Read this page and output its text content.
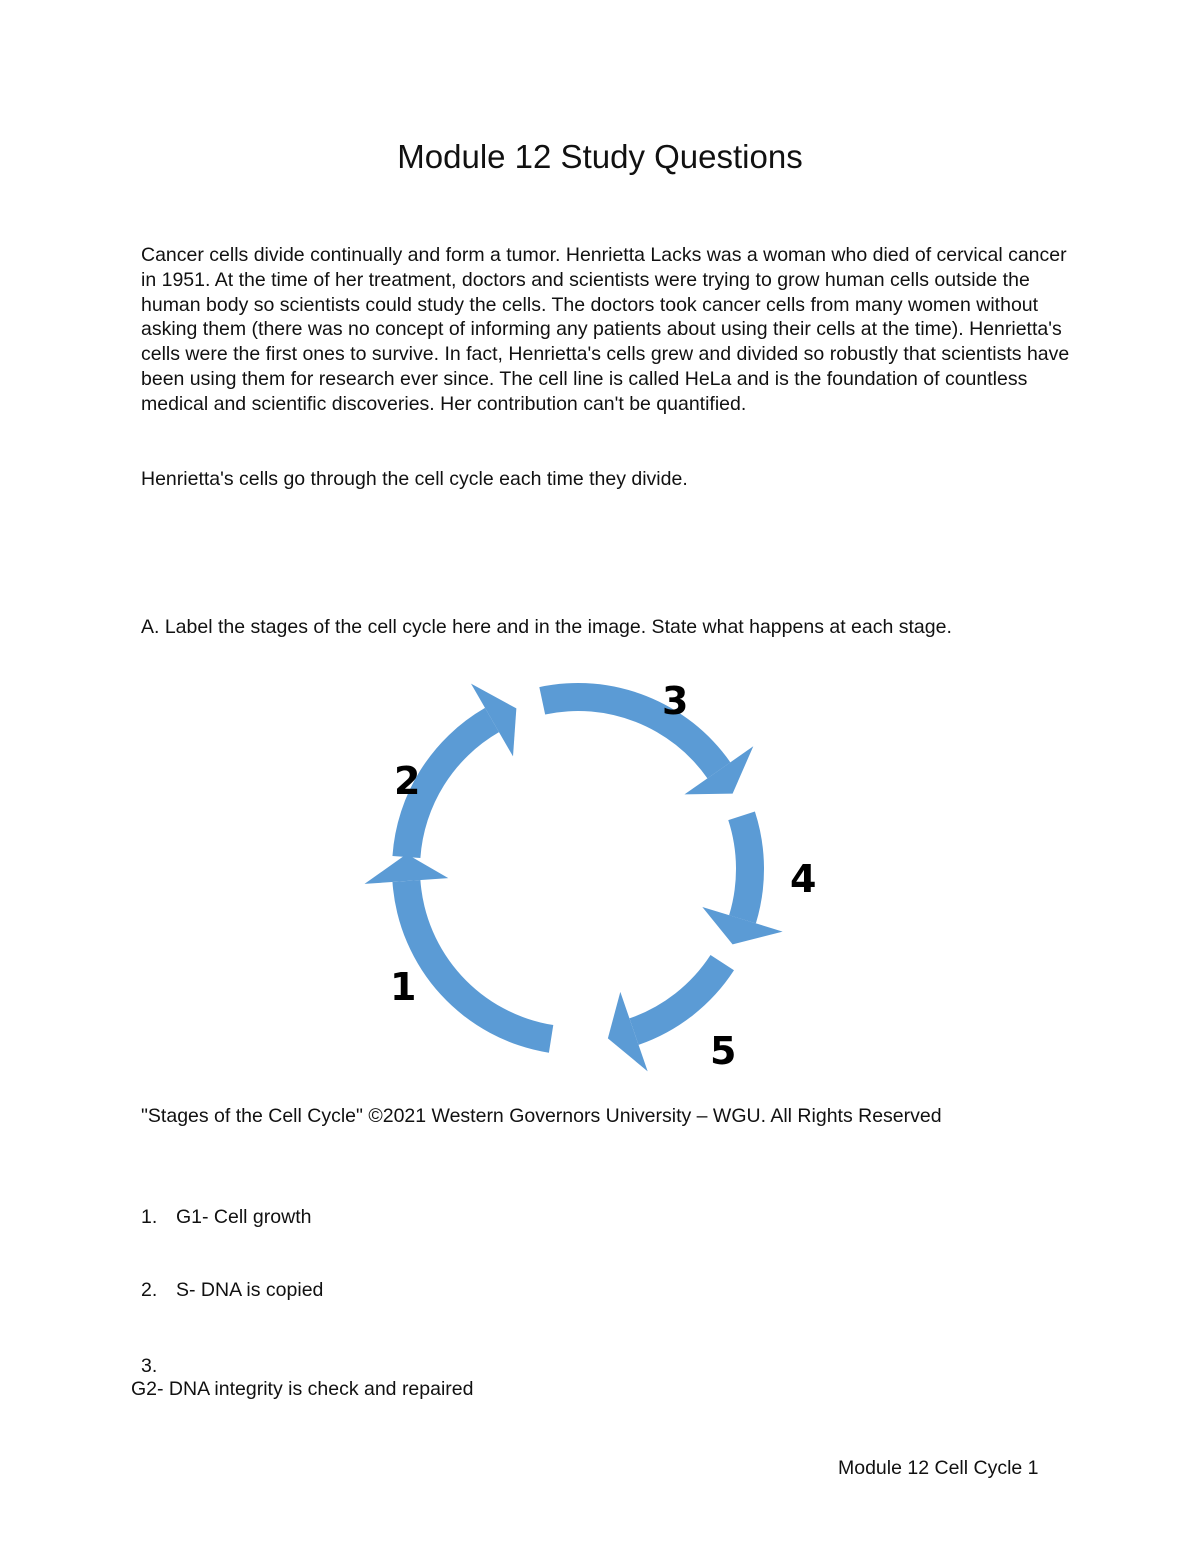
Module 12 Study Questions

Cancer cells divide continually and form a tumor. Henrietta Lacks was a woman who died of cervical cancer in 1951. At the time of her treatment, doctors and scientists were trying to grow human cells outside the human body so scientists could study the cells. The doctors took cancer cells from many women without asking them (there was no concept of informing any patients about using their cells at the time). Henrietta's cells were the first ones to survive. In fact, Henrietta's cells grew and divided so robustly that scientists have been using them for research ever since. The cell line is called HeLa and is the foundation of countless medical and scientific discoveries. Her contribution can't be quantified.

Henrietta's cells go through the cell cycle each time they divide.

A. Label the stages of the cell cycle here and in the image. State what happens at each stage.

1
2
3
4
5

"Stages of the Cell Cycle" ©2021 Western Governors University – WGU. All Rights Reserved

1. G1- Cell growth

2. S- DNA is copied

3.

G2- DNA integrity is check and repaired

Module 12 Cell Cycle 1
